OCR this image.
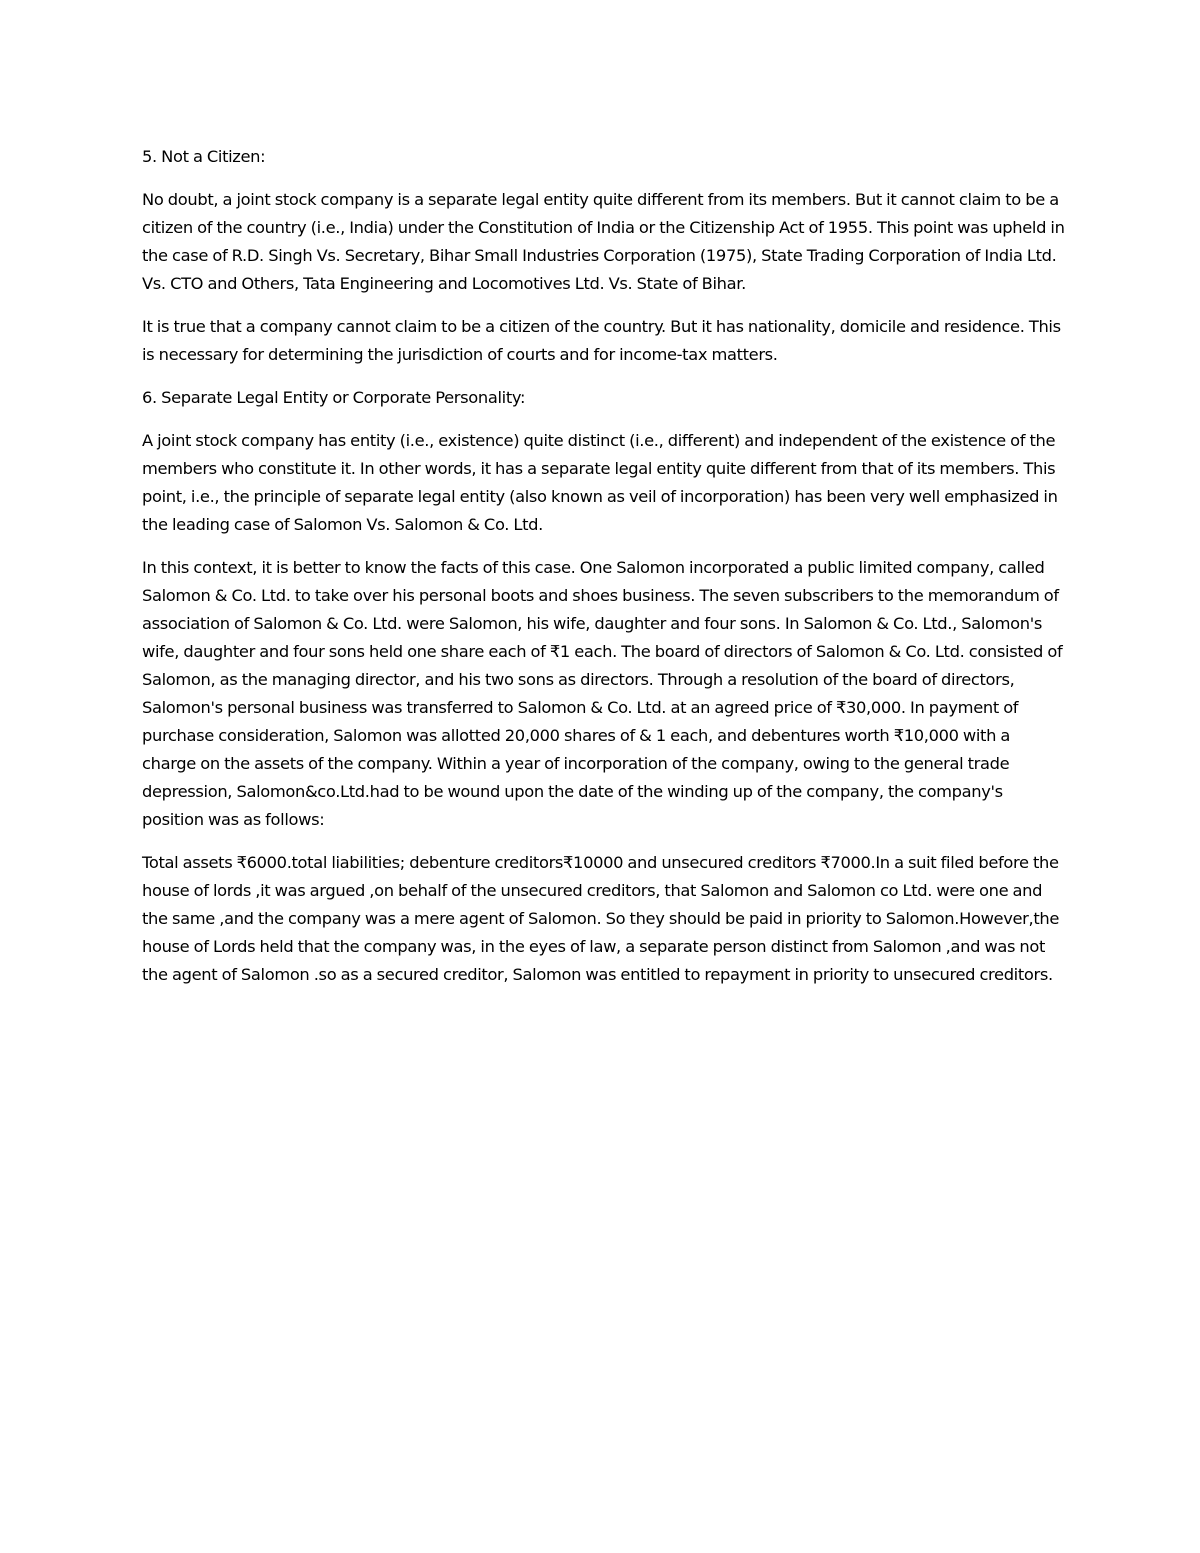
5. Not a Citizen:

No doubt, a joint stock company is a separate legal entity quite different from its members. But it cannot claim to be a citizen of the country (i.e., India) under the Constitution of India or the Citizenship Act of 1955. This point was upheld in the case of R.D. Singh Vs. Secretary, Bihar Small Industries Corporation (1975), State Trading Corporation of India Ltd. Vs. CTO and Others, Tata Engineering and Locomotives Ltd. Vs. State of Bihar.

It is true that a company cannot claim to be a citizen of the country. But it has nationality, domicile and residence. This is necessary for determining the jurisdiction of courts and for income-tax matters.

6. Separate Legal Entity or Corporate Personality:

A joint stock company has entity (i.e., existence) quite distinct (i.e., different) and independent of the existence of the members who constitute it. In other words, it has a separate legal entity quite different from that of its members. This point, i.e., the principle of separate legal entity (also known as veil of incorporation) has been very well emphasized in the leading case of Salomon Vs. Salomon & Co. Ltd.

In this context, it is better to know the facts of this case. One Salomon incorporated a public limited company, called Salomon & Co. Ltd. to take over his personal boots and shoes business. The seven subscribers to the memorandum of association of Salomon & Co. Ltd. were Salomon, his wife, daughter and four sons. In Salomon & Co. Ltd., Salomon's wife, daughter and four sons held one share each of ₹1 each. The board of directors of Salomon & Co. Ltd. consisted of Salomon, as the managing director, and his two sons as directors. Through a resolution of the board of directors, Salomon's personal business was transferred to Salomon & Co. Ltd. at an agreed price of ₹30,000. In payment of purchase consideration, Salomon was allotted 20,000 shares of & 1 each, and debentures worth ₹10,000 with a charge on the assets of the company. Within a year of incorporation of the company, owing to the general trade depression, Salomon&co.Ltd.had to be wound upon the date of the winding up of the company, the company's position was as follows:

Total assets ₹6000.total liabilities; debenture creditors₹10000 and unsecured creditors ₹7000.In a suit filed before the house of lords ,it was argued ,on behalf of the unsecured creditors, that Salomon and Salomon co Ltd. were one and the same ,and the company was a mere agent of Salomon. So they should be paid in priority to Salomon.However,the house of Lords held that the company was, in the eyes of law, a separate person distinct from Salomon ,and was not the agent of Salomon .so as a secured creditor, Salomon was entitled to repayment in priority to unsecured creditors.
